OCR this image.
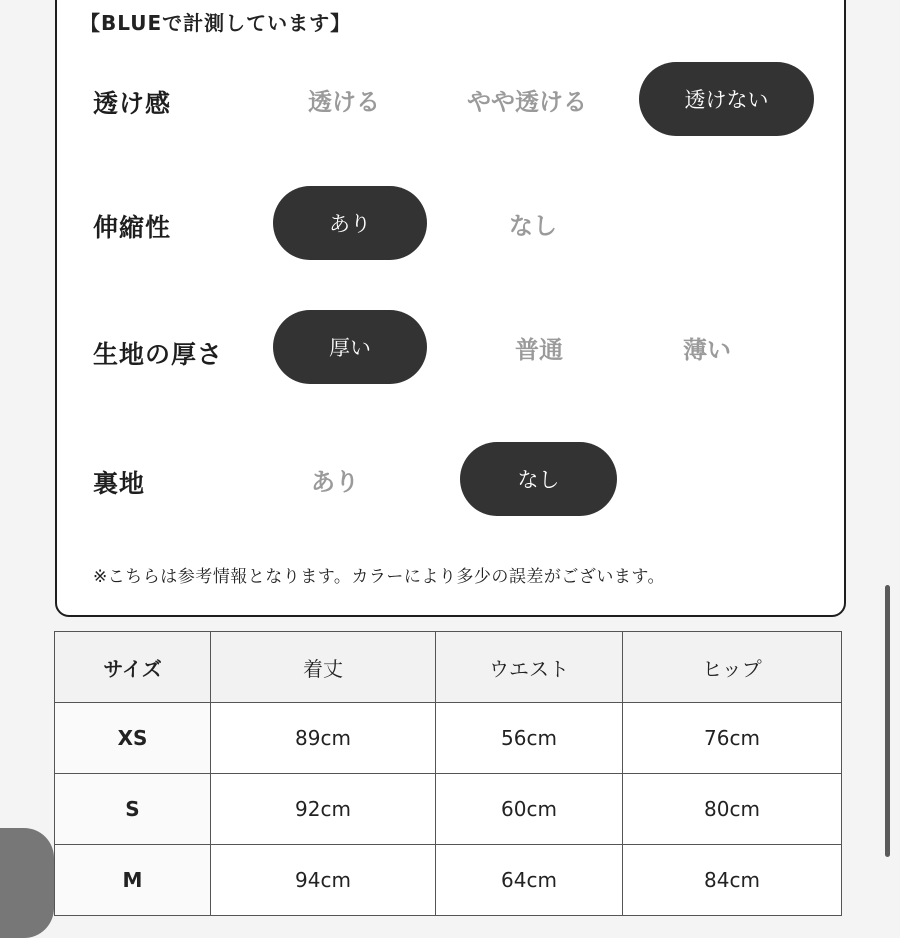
【BLUEで計測しています】
透け感	透ける	やや透ける	透けない
伸縮性	あり	なし
生地の厚さ	厚い	普通	薄い
裏地	あり	なし
※こちらは参考情報となります。カラーにより多少の誤差がございます。
サイズ	着丈	ウエスト	ヒップ
XS	89cm	56cm	76cm
S	92cm	60cm	80cm
M	94cm	64cm	84cm
